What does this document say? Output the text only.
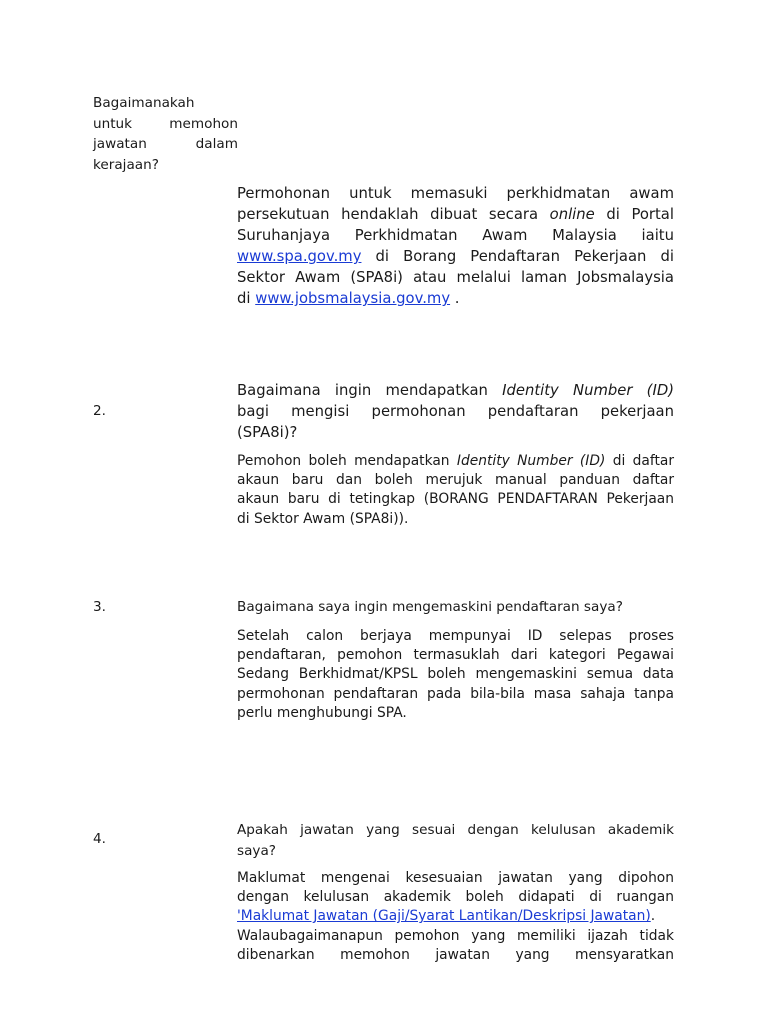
Bagaimanakah
untuk memohon
jawatan dalam
kerajaan?
Permohonan untuk memasuki perkhidmatan awam
persekutuan hendaklah dibuat secara online di Portal
Suruhanjaya Perkhidmatan Awam Malaysia iaitu
www.spa.gov.my di Borang Pendaftaran Pekerjaan di
Sektor Awam (SPA8i) atau melalui laman Jobsmalaysia
di www.jobsmalaysia.gov.my .
2.
Bagaimana ingin mendapatkan Identity Number (ID)
bagi mengisi permohonan pendaftaran pekerjaan
(SPA8i)?
Pemohon boleh mendapatkan Identity Number (ID) di daftar
akaun baru dan boleh merujuk manual panduan daftar
akaun baru di tetingkap (BORANG PENDAFTARAN Pekerjaan
di Sektor Awam (SPA8i)).
3.	Bagaimana saya ingin mengemaskini pendaftaran saya?
Setelah calon berjaya mempunyai ID selepas proses
pendaftaran, pemohon termasuklah dari kategori Pegawai
Sedang Berkhidmat/KPSL boleh mengemaskini semua data
permohonan pendaftaran pada bila-bila masa sahaja tanpa
perlu menghubungi SPA.
4.
Apakah jawatan yang sesuai dengan kelulusan akademik
saya?
Maklumat mengenai kesesuaian jawatan yang dipohon
dengan kelulusan akademik boleh didapati di ruangan
'Maklumat Jawatan (Gaji/Syarat Lantikan/Deskripsi Jawatan).
Walaubagaimanapun pemohon yang memiliki ijazah tidak
dibenarkan memohon jawatan yang mensyaratkan
